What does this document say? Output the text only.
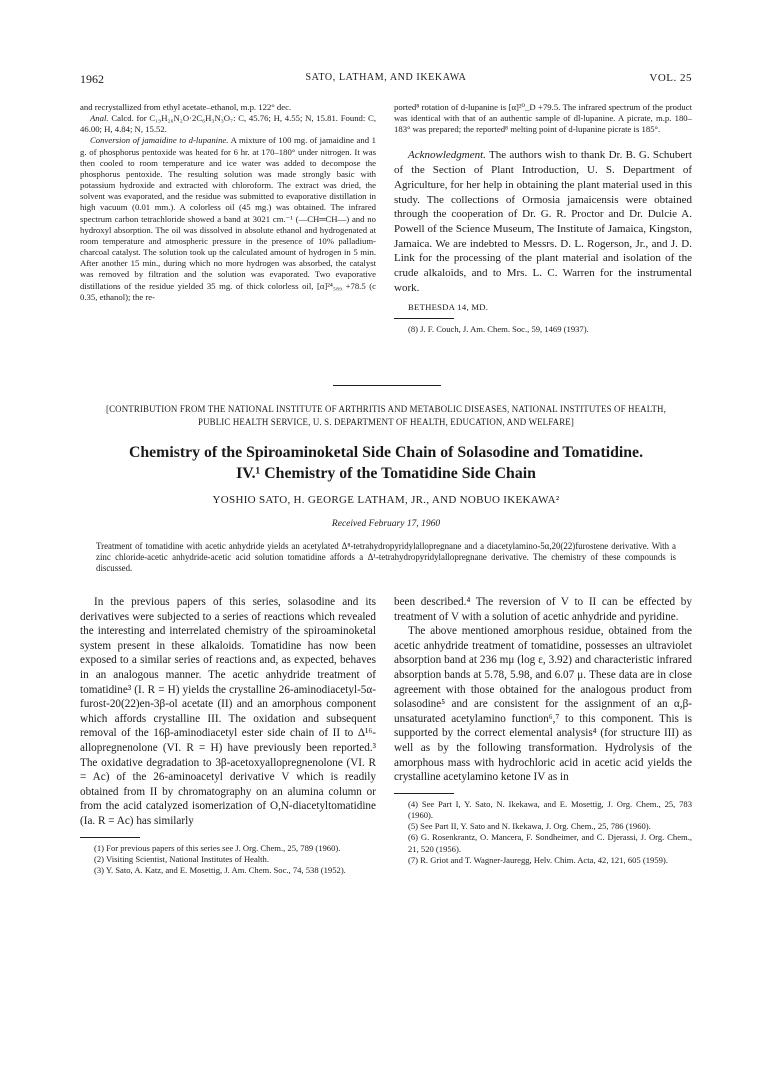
1962	SATO, LATHAM, AND IKEKAWA	VOL. 25

and recrystallized from ethyl acetate–ethanol, m.p. 122° dec.

Anal. Calcd. for C₁₉H₂₆N₂O·2C₆H₃N₃O₇: C, 45.76; H, 4.55; N, 15.81. Found: C, 46.00; H, 4.84; N, 15.52.

Conversion of jamaidine to d-lupanine. A mixture of 100 mg. of jamaidine and 1 g. of phosphorus pentoxide was heated for 6 hr. at 170–180° under nitrogen. It was then cooled to room temperature and ice water was added to decompose the phosphorus pentoxide. The resulting solution was made strongly basic with potassium hydroxide and extracted with chloroform. The extract was dried, the solvent was evaporated, and the residue was submitted to evaporative distillation in high vacuum (0.01 mm.). A colorless oil (45 mg.) was obtained. The infrared spectrum carbon tetrachloride showed a band at 3021 cm.⁻¹ (—CH═CH—) and no hydroxyl absorption. The oil was dissolved in absolute ethanol and hydrogenated at room temperature and atmospheric pressure in the presence of 10% palladium-charcoal catalyst. The solution took up the calculated amount of hydrogen in 5 min. After another 15 min., during which no more hydrogen was absorbed, the catalyst was removed by filtration and the solution was evaporated. Two evaporative distillations of the residue yielded 35 mg. of thick colorless oil, [α]²⁴₅₈₉ +78.5 (c 0.35, ethanol); the re-

ported⁸ rotation of d-lupanine is [α]²⁰_D +79.5. The infrared spectrum of the product was identical with that of an authentic sample of dl-lupanine. A picrate, m.p. 180–183° was prepared; the reported⁸ melting point of d-lupanine picrate is 185°.
Acknowledgment. The authors wish to thank Dr. B. G. Schubert of the Section of Plant Introduction, U. S. Department of Agriculture, for her help in obtaining the plant material used in this study. The collections of Ormosia jamaicensis were obtained through the cooperation of Dr. G. R. Proctor and Dr. Dulcie A. Powell of the Science Museum, The Institute of Jamaica, Kingston, Jamaica. We are indebted to Messrs. D. L. Rogerson, Jr., and J. D. Link for the processing of the plant material and isolation of the crude alkaloids, and to Mrs. L. C. Warren for the instrumental work.
BETHESDA 14, MD.
(8) J. F. Couch, J. Am. Chem. Soc., 59, 1469 (1937).
[CONTRIBUTION FROM THE NATIONAL INSTITUTE OF ARTHRITIS AND METABOLIC DISEASES, NATIONAL INSTITUTES OF HEALTH,
PUBLIC HEALTH SERVICE, U. S. DEPARTMENT OF HEALTH, EDUCATION, AND WELFARE]
Chemistry of the Spiroaminoketal Side Chain of Solasodine and Tomatidine.
IV.¹ Chemistry of the Tomatidine Side Chain
YOSHIO SATO, H. GEORGE LATHAM, JR., AND NOBUO IKEKAWA²
Received February 17, 1960
Treatment of tomatidine with acetic anhydride yields an acetylated Δ⁸-tetrahydropyridylallopregnane and a diacetylamino-5α,20(22)furostene derivative. With a zinc chloride-acetic anhydride-acetic acid solution tomatidine affords a Δ¹-tetrahydropyridylallopregnane derivative. The chemistry of these compounds is discussed.
In the previous papers of this series, solasodine and its derivatives were subjected to a series of reactions which revealed the interesting and interrelated chemistry of the spiroaminoketal system present in these alkaloids. Tomatidine has now been exposed to a similar series of reactions and, as expected, behaves in an analogous manner. The acetic anhydride treatment of tomatidine³ (I. R = H) yields the crystalline 26-aminodiacetyl-5α-furost-20(22)en-3β-ol acetate (II) and an amorphous component which affords crystalline III. The oxidation and subsequent removal of the 16β-aminodiacetyl ester side chain of II to Δ¹⁶-allopregnenolone (VI. R = H) have previously been reported.³ The oxidative degradation to 3β-acetoxyallopregnenolone (VI. R = Ac) of the 26-aminoacetyl derivative V which is readily obtained from II by chromatography on an alumina column or from the acid catalyzed isomerization of O,N-diacetyltomatidine (Ia. R = Ac) has similarly
(1) For previous papers of this series see J. Org. Chem., 25, 789 (1960).
(2) Visiting Scientist, National Institutes of Health.
(3) Y. Sato, A. Katz, and E. Mosettig, J. Am. Chem. Soc., 74, 538 (1952).
been described.⁴ The reversion of V to II can be effected by treatment of V with a solution of acetic anhydride and pyridine.
The above mentioned amorphous residue, obtained from the acetic anhydride treatment of tomatidine, possesses an ultraviolet absorption band at 236 mμ (log ε, 3.92) and characteristic infrared absorption bands at 5.78, 5.98, and 6.07 μ. These data are in close agreement with those obtained for the analogous product from solasodine⁵ and are consistent for the assignment of an α,β-unsaturated acetylamino function⁶,⁷ to this component. This is supported by the correct elemental analysis⁴ (for structure III) as well as by the following transformation. Hydrolysis of the amorphous mass with hydrochloric acid in acetic acid yields the crystalline acetylamino ketone IV as in
(4) See Part I, Y. Sato, N. Ikekawa, and E. Mosettig, J. Org. Chem., 25, 783 (1960).
(5) See Part II, Y. Sato and N. Ikekawa, J. Org. Chem., 25, 786 (1960).
(6) G. Rosenkrantz, O. Mancera, F. Sondheimer, and C. Djerassi, J. Org. Chem., 21, 520 (1956).
(7) R. Griot and T. Wagner-Jauregg, Helv. Chim. Acta, 42, 121, 605 (1959).
